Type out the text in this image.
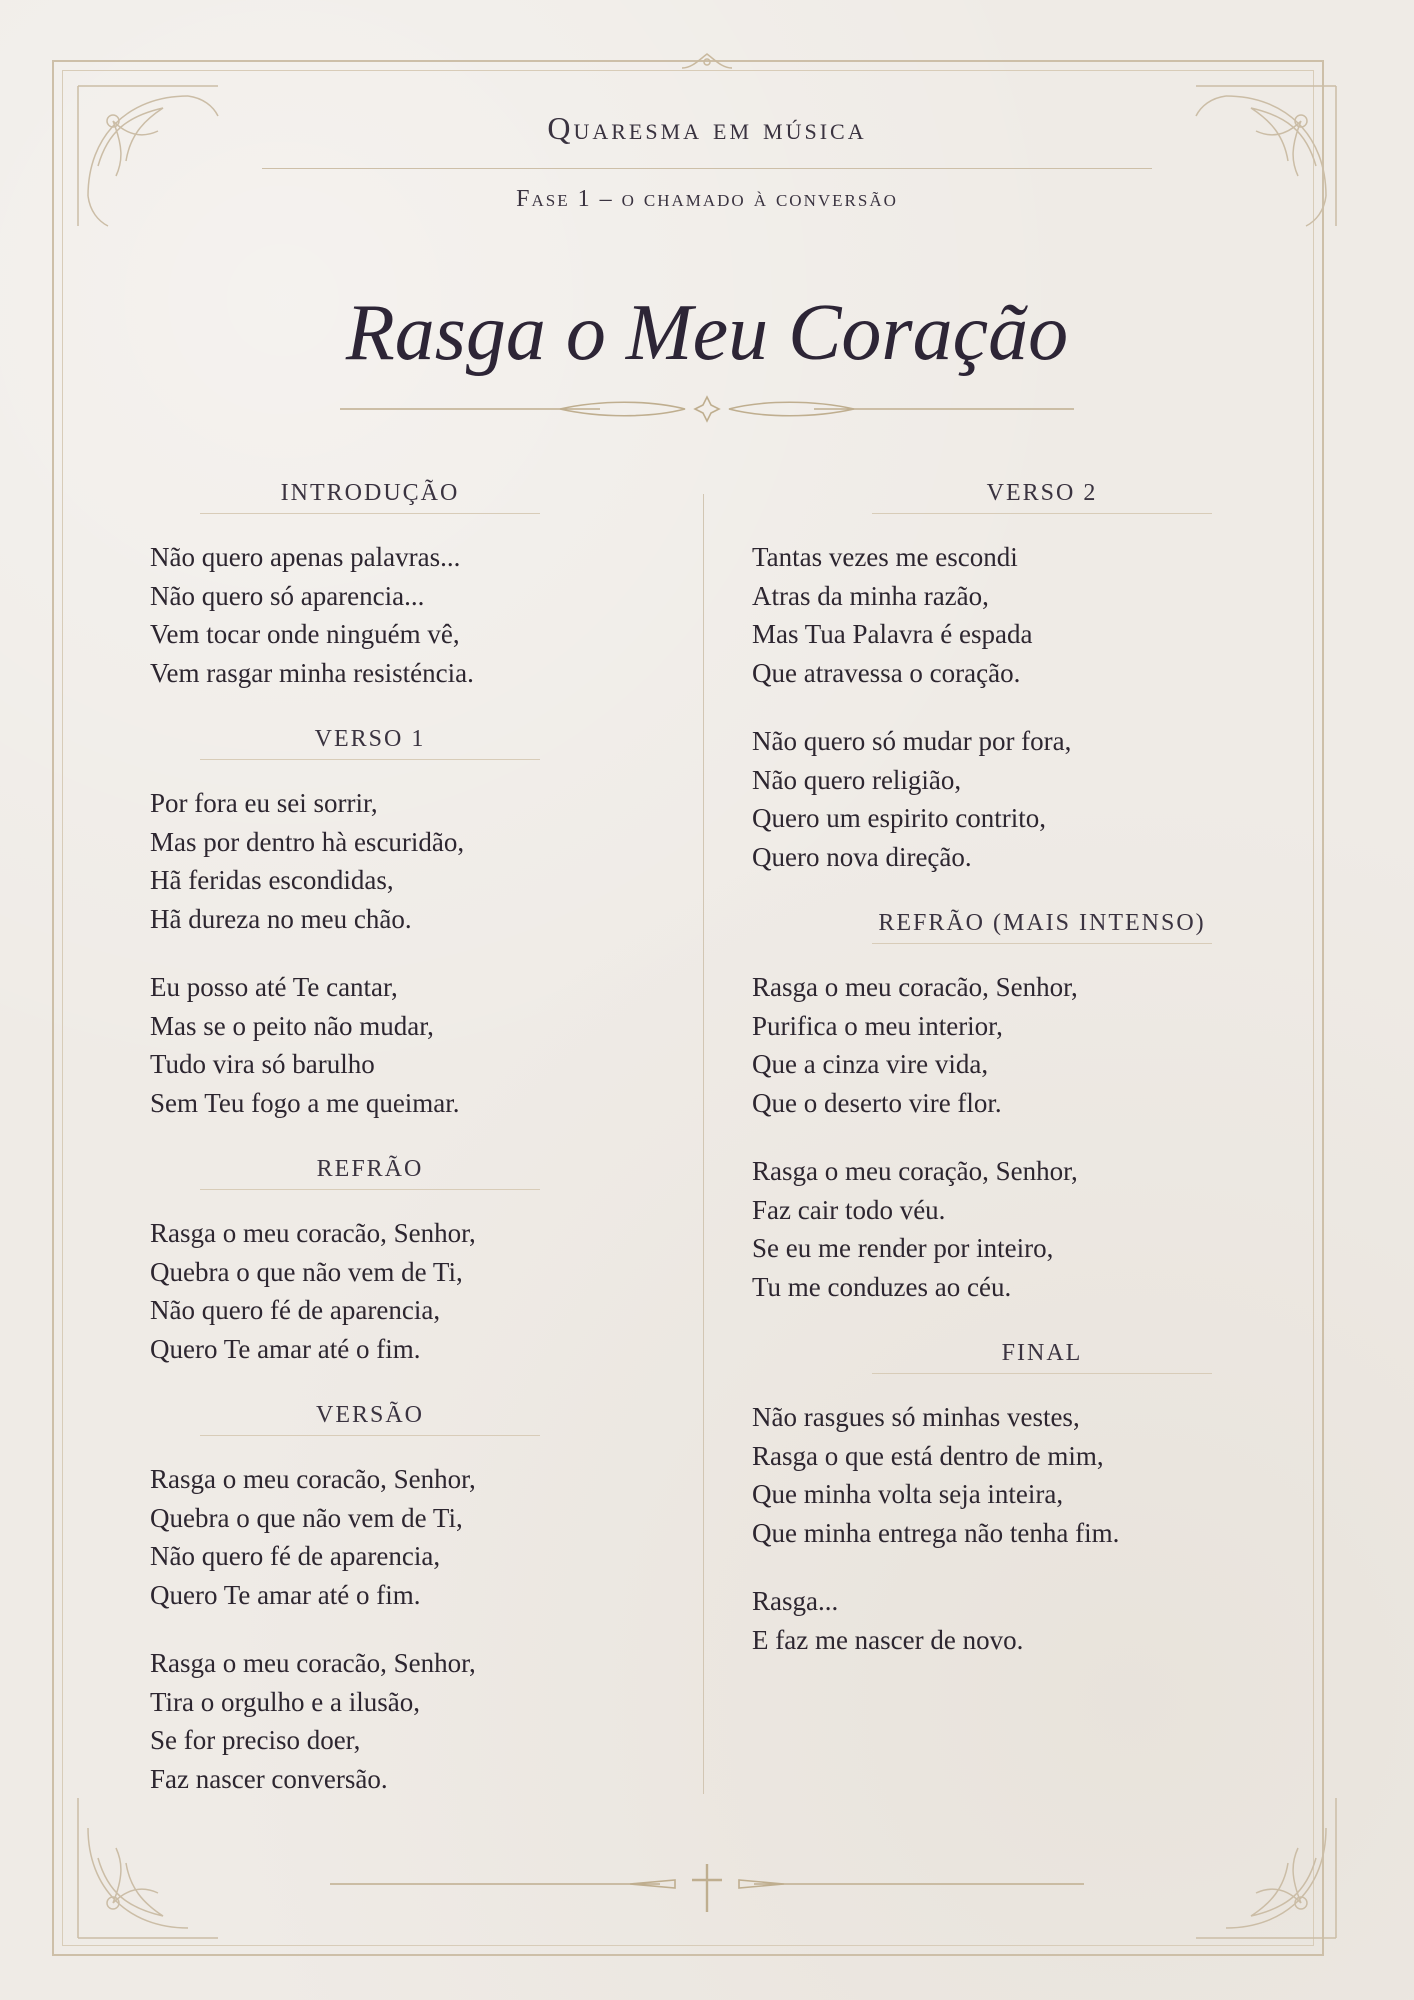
Quaresma em música
Fase 1 – o chamado à conversão
Rasga o Meu Coração
INTRODUÇÃO
Não quero apenas palavras...
Não quero só aparencia...
Vem tocar onde ninguém vê,
Vem rasgar minha resisténcia.
VERSO 1
Por fora eu sei sorrir,
Mas por dentro hà escuridão,
Hã feridas escondidas,
Hã dureza no meu chão.
Eu posso até Te cantar,
Mas se o peito não mudar,
Tudo vira só barulho
Sem Teu fogo a me queimar.
REFRÃO
Rasga o meu coracão, Senhor,
Quebra o que não vem de Ti,
Não quero fé de aparencia,
Quero Te amar até o fim.
VERSÃO
Rasga o meu coracão, Senhor,
Quebra o que não vem de Ti,
Não quero fé de aparencia,
Quero Te amar até o fim.
Rasga o meu coracão, Senhor,
Tira o orgulho e a ilusão,
Se for preciso doer,
Faz nascer conversão.
VERSO 2
Tantas vezes me escondi
Atras da minha razão,
Mas Tua Palavra é espada
Que atravessa o coração.
Não quero só mudar por fora,
Não quero religião,
Quero um espirito contrito,
Quero nova direção.
REFRÃO (MAIS INTENSO)
Rasga o meu coracão, Senhor,
Purifica o meu interior,
Que a cinza vire vida,
Que o deserto vire flor.
Rasga o meu coração, Senhor,
Faz cair todo véu.
Se eu me render por inteiro,
Tu me conduzes ao céu.
FINAL
Não rasgues só minhas vestes,
Rasga o que está dentro de mim,
Que minha volta seja inteira,
Que minha entrega não tenha fim.
Rasga...
E faz me nascer de novo.
